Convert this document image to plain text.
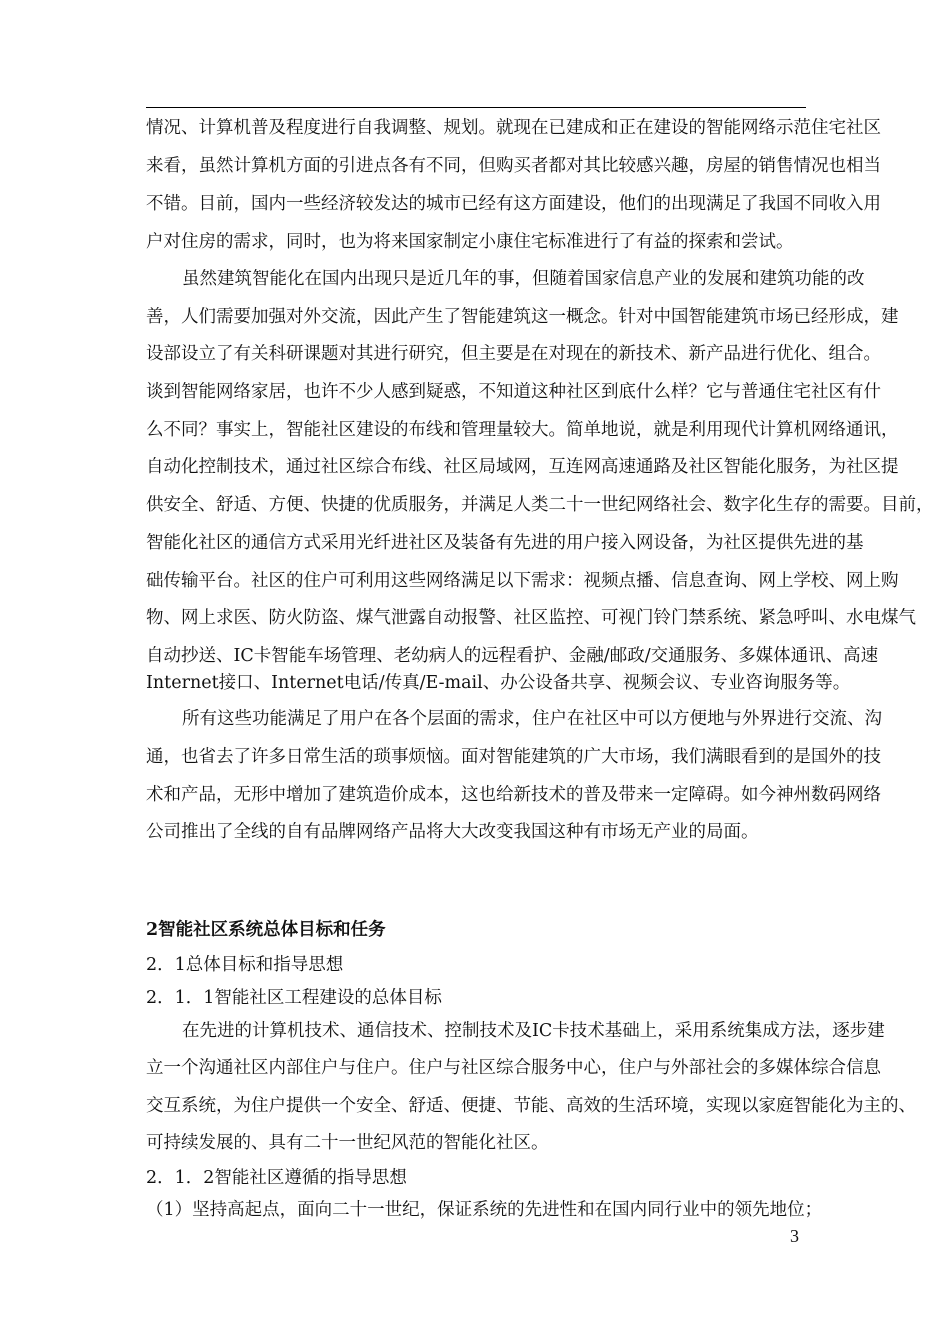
情况、计算机普及程度进行自我调整、规划。就现在已建成和正在建设的智能网络示范住宅社区
来看，虽然计算机方面的引进点各有不同，但购买者都对其比较感兴趣，房屋的销售情况也相当
不错。目前，国内一些经济较发达的城市已经有这方面建设，他们的出现满足了我国不同收入用
户对住房的需求，同时，也为将来国家制定小康住宅标准进行了有益的探索和尝试。
虽然建筑智能化在国内出现只是近几年的事，但随着国家信息产业的发展和建筑功能的改
善，人们需要加强对外交流，因此产生了智能建筑这一概念。针对中国智能建筑市场已经形成，建
设部设立了有关科研课题对其进行研究，但主要是在对现在的新技术、新产品进行优化、组合。
谈到智能网络家居，也许不少人感到疑惑，不知道这种社区到底什么样？它与普通住宅社区有什
么不同？事实上，智能社区建设的布线和管理量较大。简单地说，就是利用现代计算机网络通讯，
自动化控制技术，通过社区综合布线、社区局域网，互连网高速通路及社区智能化服务，为社区提
供安全、舒适、方便、快捷的优质服务，并满足人类二十一世纪网络社会、数字化生存的需要。目前，
智能化社区的通信方式采用光纤进社区及装备有先进的用户接入网设备，为社区提供先进的基
础传输平台。社区的住户可利用这些网络满足以下需求：视频点播、信息查询、网上学校、网上购
物、网上求医、防火防盗、煤气泄露自动报警、社区监控、可视门铃门禁系统、紧急呼叫、水电煤气
自动抄送、IC卡智能车场管理、老幼病人的远程看护、金融/邮政/交通服务、多媒体通讯、高速
Internet接口、Internet电话/传真/E-mail、办公设备共享、视频会议、专业咨询服务等。
所有这些功能满足了用户在各个层面的需求，住户在社区中可以方便地与外界进行交流、沟
通，也省去了许多日常生活的琐事烦恼。面对智能建筑的广大市场，我们满眼看到的是国外的技
术和产品，无形中增加了建筑造价成本，这也给新技术的普及带来一定障碍。如今神州数码网络
公司推出了全线的自有品牌网络产品将大大改变我国这种有市场无产业的局面。
2智能社区系统总体目标和任务
2．1总体目标和指导思想
2．1．1智能社区工程建设的总体目标
在先进的计算机技术、通信技术、控制技术及IC卡技术基础上，采用系统集成方法，逐步建
立一个沟通社区内部住户与住户。住户与社区综合服务中心，住户与外部社会的多媒体综合信息
交互系统，为住户提供一个安全、舒适、便捷、节能、高效的生活环境，实现以家庭智能化为主的、
可持续发展的、具有二十一世纪风范的智能化社区。
2．1．2智能社区遵循的指导思想
（1）坚持高起点，面向二十一世纪，保证系统的先进性和在国内同行业中的领先地位；
3
